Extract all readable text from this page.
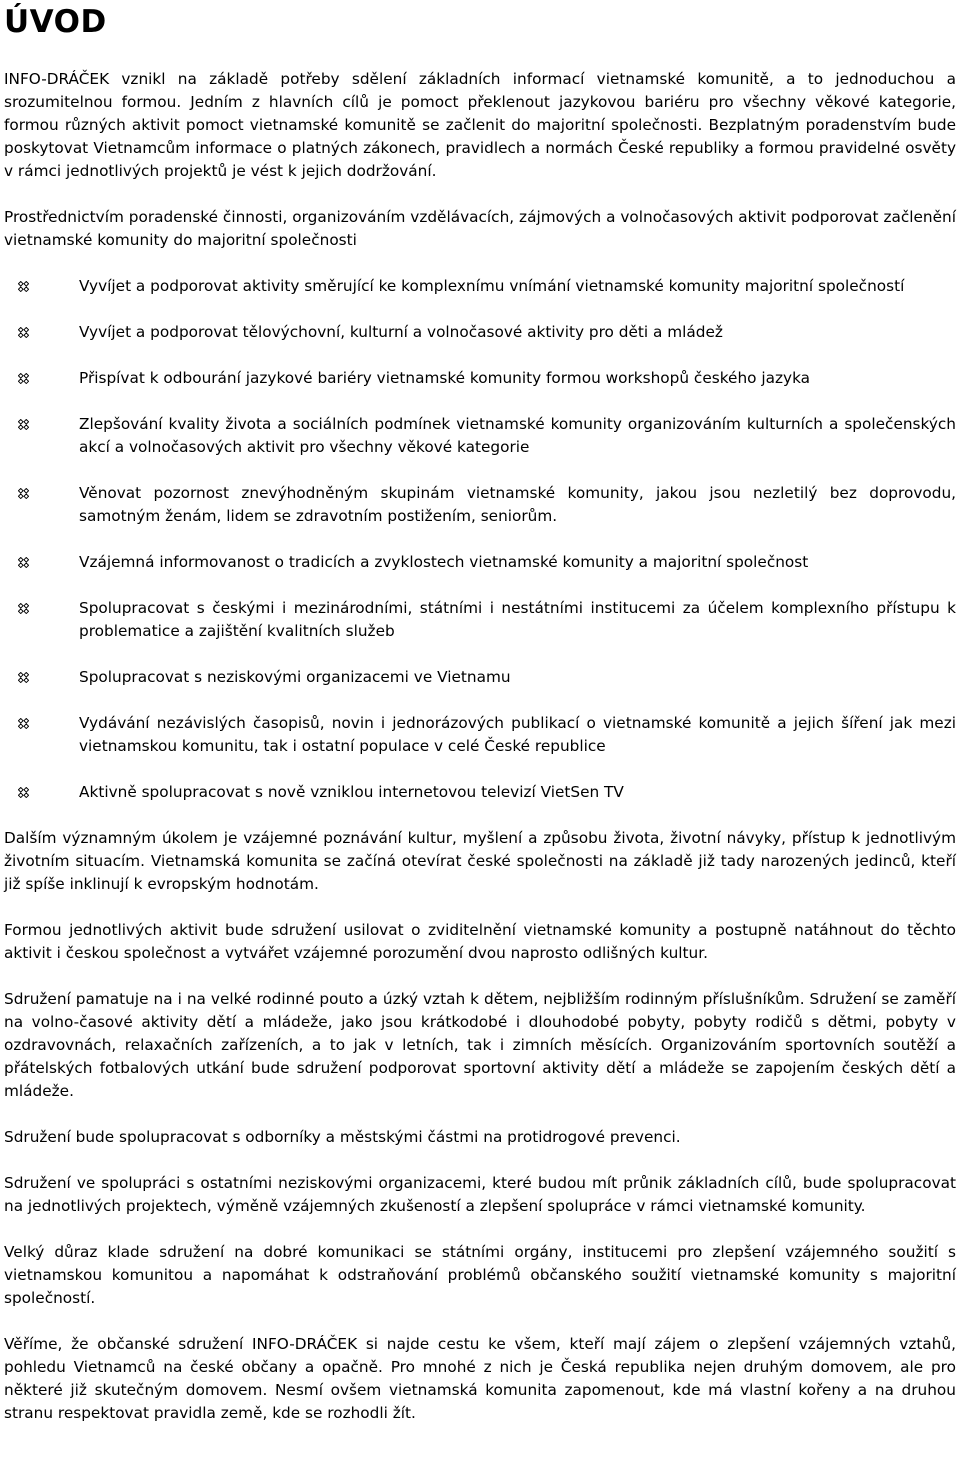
ÚVOD

INFO-DRÁČEK vznikl na základě potřeby sdělení základních informací vietnamské komunitě, a to jednoduchou a srozumitelnou formou. Jedním z hlavních cílů je pomoct překlenout jazykovou bariéru pro všechny věkové kategorie, formou různých aktivit pomoct vietnamské komunitě se začlenit do majoritní společnosti. Bezplatným poradenstvím bude poskytovat Vietnamcům informace o platných zákonech, pravidlech a normách České republiky a formou pravidelné osvěty v rámci jednotlivých projektů je vést k jejich dodržování.

Prostřednictvím poradenské činnosti, organizováním vzdělávacích, zájmových a volnočasových aktivit podporovat začlenění vietnamské komunity do majoritní společnosti

Vyvíjet a podporovat aktivity směrující ke komplexnímu vnímání vietnamské komunity majoritní společností
Vyvíjet a podporovat tělovýchovní, kulturní a volnočasové aktivity pro děti a mládež
Přispívat k odbourání jazykové bariéry vietnamské komunity formou workshopů českého jazyka
Zlepšování kvality života a sociálních podmínek vietnamské komunity organizováním kulturních a společenských akcí a volnočasových aktivit pro všechny věkové kategorie
Věnovat pozornost znevýhodněným skupinám vietnamské komunity, jakou jsou nezletilý bez doprovodu, samotným ženám, lidem se zdravotním postižením, seniorům.
Vzájemná informovanost o tradicích a zvyklostech vietnamské komunity a majoritní společnost
Spolupracovat s českými i mezinárodními, státními i nestátními institucemi za účelem komplexního přístupu k problematice a zajištění kvalitních služeb
Spolupracovat s neziskovými organizacemi ve Vietnamu
Vydávání nezávislých časopisů, novin i jednorázových publikací o vietnamské komunitě a jejich šíření jak mezi vietnamskou komunitu, tak i ostatní populace v celé České republice
Aktivně spolupracovat s nově vzniklou internetovou televizí VietSen TV

Dalším významným úkolem je vzájemné poznávání kultur, myšlení a způsobu života, životní návyky, přístup k jednotlivým životním situacím. Vietnamská komunita se začíná otevírat české společnosti na základě již tady narozených jedinců, kteří již spíše inklinují k evropským hodnotám.

Formou jednotlivých aktivit bude sdružení usilovat o zviditelnění vietnamské komunity a postupně natáhnout do těchto aktivit i českou společnost a vytvářet vzájemné porozumění dvou naprosto odlišných kultur.

Sdružení pamatuje na i na velké rodinné pouto a úzký vztah k dětem, nejbližším rodinným příslušníkům. Sdružení se zaměří na volno-časové aktivity dětí a mládeže, jako jsou krátkodobé i dlouhodobé pobyty, pobyty rodičů s dětmi, pobyty v ozdravovnách, relaxačních zařízeních, a to jak v letních, tak i zimních měsících. Organizováním sportovních soutěží a přátelských fotbalových utkání bude sdružení podporovat sportovní aktivity dětí a mládeže se zapojením českých dětí a mládeže.

Sdružení bude spolupracovat s odborníky a městskými částmi na protidrogové prevenci.

Sdružení ve spolupráci s ostatními neziskovými organizacemi, které budou mít průnik základních cílů, bude spolupracovat na jednotlivých projektech, výměně vzájemných zkušeností a zlepšení spolupráce v rámci vietnamské komunity.

Velký důraz klade sdružení na dobré komunikaci se státními orgány, institucemi pro zlepšení vzájemného soužití s vietnamskou komunitou a napomáhat k odstraňování problémů občanského soužití vietnamské komunity s majoritní společností.

Věříme, že občanské sdružení INFO-DRÁČEK si najde cestu ke všem, kteří mají zájem o zlepšení vzájemných vztahů, pohledu Vietnamců na české občany a opačně. Pro mnohé z nich je Česká republika nejen druhým domovem, ale pro některé již skutečným domovem. Nesmí ovšem vietnamská komunita zapomenout, kde má vlastní kořeny a na druhou stranu respektovat pravidla země, kde se rozhodli žít.
